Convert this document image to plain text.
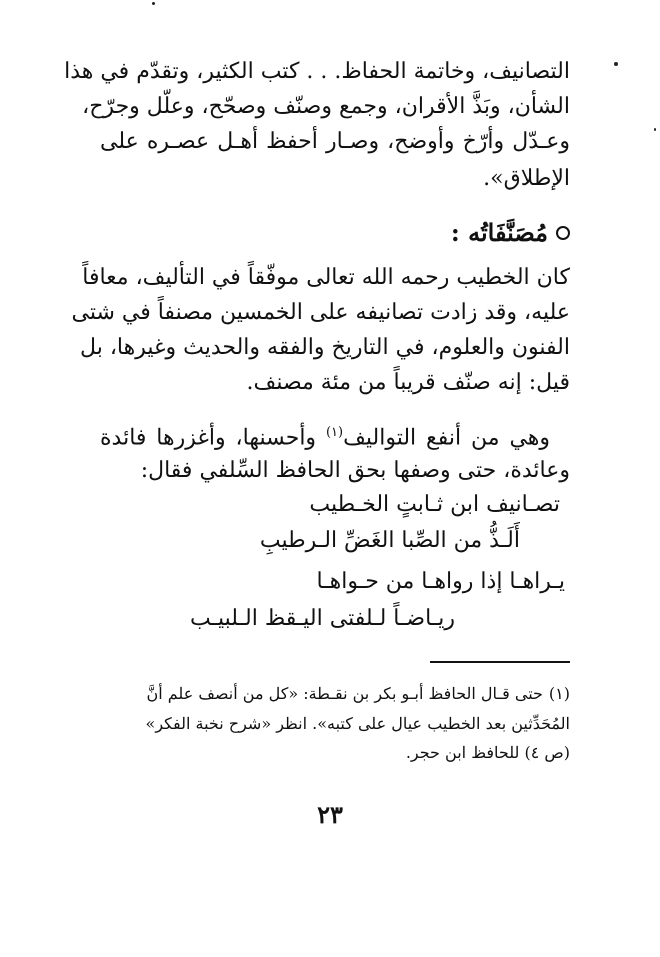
التصانيف، وخاتمة الحفاظ. . . كتب الكثير، وتقدّم في هذا
الشأن، وبَذَّ الأقران، وجمع وصنّف وصحّح، وعلّل وجرّح،
وعـدّل وأرّخ وأوضح، وصـار أحفظ أهـل عصـره على
الإطلاق».
مُصَنَّفَاتُه :
كان الخطيب رحمه الله تعالى موفّقاً في التأليف، معافاً
عليه، وقد زادت تصانيفه على الخمسين مصنفاً في شتى
الفنون والعلوم، في التاريخ والفقه والحديث وغيرها، بل
قيل: إنه صنّف قريباً من مئة مصنف.
وهي من أنفع التواليف$^{(١)}$ وأحسنها، وأغزرها فائدة
وعائدة، حتى وصفها بحق الحافظ السِّلفي فقال:
تصـانيف ابن ثـابتٍ الخـطيب
أَلَـذُّ من الصِّبا الغَضِّ الـرطيبِ
يـراهـا إذا رواهـا من حـواهـا
ريـاضـاً لـلفتى اليـقظ الـلبيـب
(١)حتى قـال الحافظ أبـو بكر بن نقـطة: «كل من أنصف علم أنَّ
المُحَدِّثين بعد الخطيب عيال على كتبه». انظر «شرح نخبة الفكر»
(ص ٤) للحافظ ابن حجر.
٢٣
